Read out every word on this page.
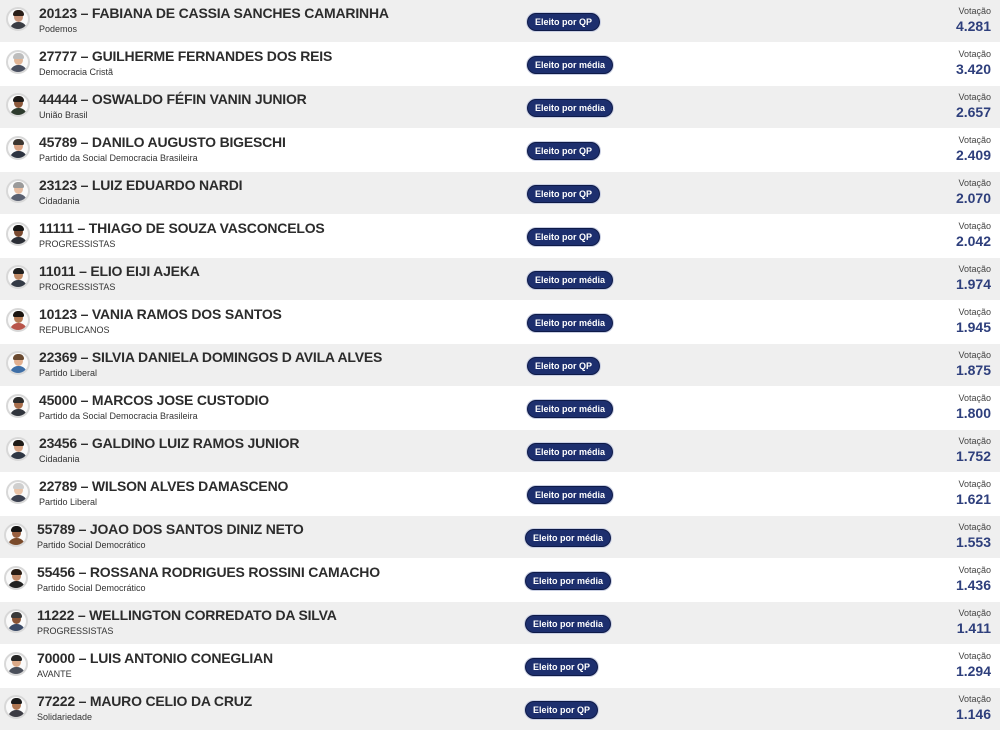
20123 – FABIANA DE CASSIA SANCHES CAMARINHA
Podemos
Eleito por QP
Votação
4.281
27777 – GUILHERME FERNANDES DOS REIS
Democracia Cristã
Eleito por média
Votação
3.420
44444 – OSWALDO FÉFIN VANIN JUNIOR
União Brasil
Eleito por média
Votação
2.657
45789 – DANILO AUGUSTO BIGESCHI
Partido da Social Democracia Brasileira
Eleito por QP
Votação
2.409
23123 – LUIZ EDUARDO NARDI
Cidadania
Eleito por QP
Votação
2.070
11111 – THIAGO DE SOUZA VASCONCELOS
PROGRESSISTAS
Eleito por QP
Votação
2.042
11011 – ELIO EIJI AJEKA
PROGRESSISTAS
Eleito por média
Votação
1.974
10123 – VANIA RAMOS DOS SANTOS
REPUBLICANOS
Eleito por média
Votação
1.945
22369 – SILVIA DANIELA DOMINGOS D AVILA ALVES
Partido Liberal
Eleito por QP
Votação
1.875
45000 – MARCOS JOSE CUSTODIO
Partido da Social Democracia Brasileira
Eleito por média
Votação
1.800
23456 – GALDINO LUIZ RAMOS JUNIOR
Cidadania
Eleito por média
Votação
1.752
22789 – WILSON ALVES DAMASCENO
Partido Liberal
Eleito por média
Votação
1.621
55789 – JOAO DOS SANTOS DINIZ NETO
Partido Social Democrático
Eleito por média
Votação
1.553
55456 – ROSSANA RODRIGUES ROSSINI CAMACHO
Partido Social Democrático
Eleito por média
Votação
1.436
11222 – WELLINGTON CORREDATO DA SILVA
PROGRESSISTAS
Eleito por média
Votação
1.411
70000 – LUIS ANTONIO CONEGLIAN
AVANTE
Eleito por QP
Votação
1.294
77222 – MAURO CELIO DA CRUZ
Solidariedade
Eleito por QP
Votação
1.146
